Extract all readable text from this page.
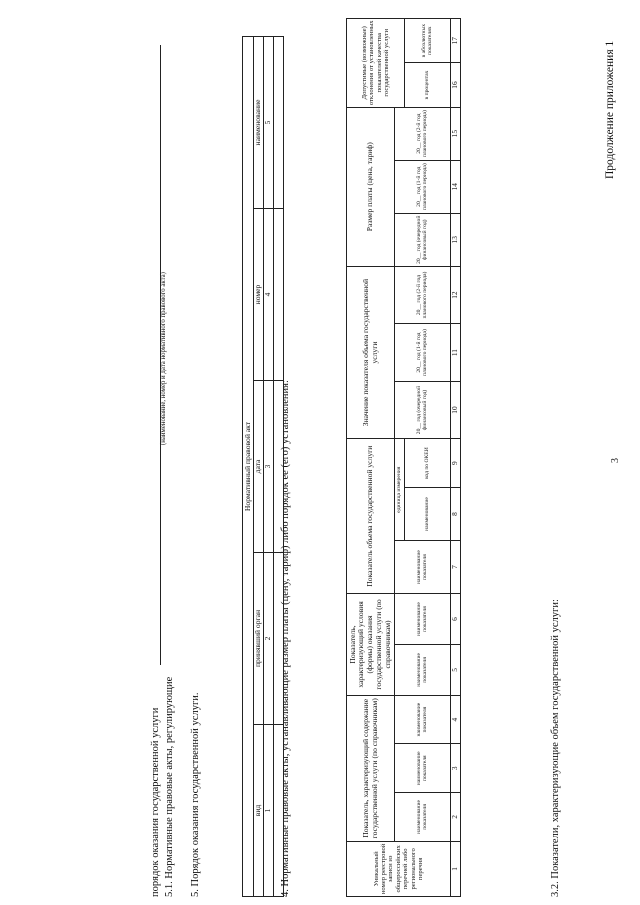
3
Продолжение приложения 1
3.2. Показатели, характеризующие объем государственной услуги:
Уникальный номер реестровой записи из общероссийских перечней либо регионального перечня	Показатель, характеризующий содержание государственной услуги (по справочникам)			Показатель, характеризующий условия (формы) оказания государственной услуги (по справочникам)		Показатель объема государственной услуги			Значение показателя объема государственной услуги			Размер платы (цена, тариф)			Допустимые (возможные) отклонения от установленных показателей качества государственной услуги	
	наименование показателя	наименование показателя	наименование показателя	наименование показателя	наименование показателя	наименование показателя	единица измерения		20__ год (очередной финансовый год)	20__ год (1-й год планового периода)	20__ год (2-й год планового периода)	20__ год (очередной финансовый год)	20__ год (1-й год планового периода)	20__ год (2-й год планового периода)		
							наименование	код по ОКЕИ							в процентах	в абсолютных показателях
1	2	3	4	5	6	7	8	9	10	11	12	13	14	15	16	17
4. Нормативные правовые акты, устанавливающие размер платы (цену, тариф) либо порядок ее (его) установления:
Нормативный правовой акт				
вид	принявший орган	дата	номер	наименование
1	2	3	4	5

5. Порядок оказания государственной услуги.
5.1. Нормативные правовые акты, регулирующие
порядок оказания государственной услуги
(наименование, номер и дата нормативного правового акта)
